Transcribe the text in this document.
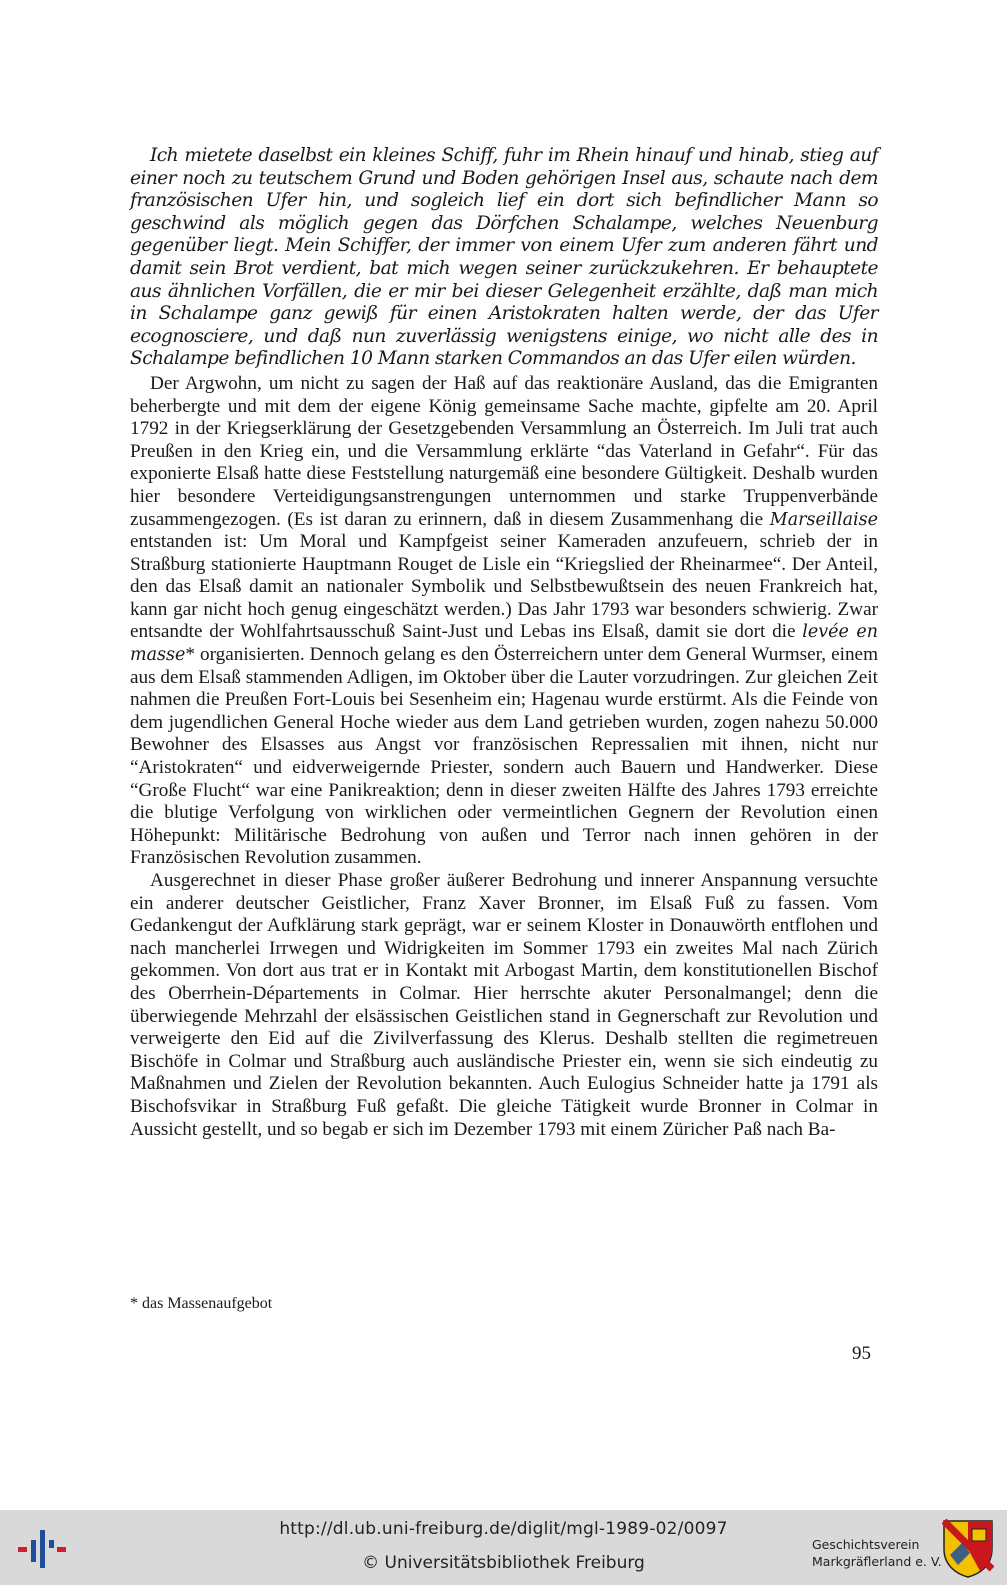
Ich mietete daselbst ein kleines Schiff, fuhr im Rhein hinauf und hinab, stieg auf einer noch zu teutschem Grund und Boden gehörigen Insel aus, schaute nach dem französischen Ufer hin, und sogleich lief ein dort sich befindlicher Mann so geschwind als möglich gegen das Dörfchen Schalampe, welches Neuenburg gegenüber liegt. Mein Schiffer, der immer von einem Ufer zum anderen fährt und damit sein Brot verdient, bat mich wegen seiner zurückzukehren. Er behauptete aus ähnlichen Vorfällen, die er mir bei dieser Gelegenheit erzählte, daß man mich in Schalampe ganz gewiß für einen Aristokraten halten werde, der das Ufer ecognosciere, und daß nun zuverlässig wenigstens einige, wo nicht alle des in Schalampe befindlichen 10 Mann starken Commandos an das Ufer eilen würden.

Der Argwohn, um nicht zu sagen der Haß auf das reaktionäre Ausland, das die Emigranten beherbergte und mit dem der eigene König gemeinsame Sache machte, gipfelte am 20. April 1792 in der Kriegserklärung der Gesetzgebenden Versammlung an Österreich. Im Juli trat auch Preußen in den Krieg ein, und die Versammlung erklärte “das Vaterland in Gefahr“. Für das exponierte Elsaß hatte diese Feststellung naturgemäß eine besondere Gültigkeit. Deshalb wurden hier besondere Verteidigungsanstrengungen unternommen und starke Truppenverbände zusammengezogen. (Es ist daran zu erinnern, daß in diesem Zusammenhang die Marseillaise entstanden ist: Um Moral und Kampfgeist seiner Kameraden anzufeuern, schrieb der in Straßburg stationierte Hauptmann Rouget de Lisle ein “Kriegslied der Rheinarmee“. Der Anteil, den das Elsaß damit an nationaler Symbolik und Selbstbewußtsein des neuen Frankreich hat, kann gar nicht hoch genug eingeschätzt werden.) Das Jahr 1793 war besonders schwierig. Zwar entsandte der Wohlfahrtsausschuß Saint-Just und Lebas ins Elsaß, damit sie dort die levée en masse* organisierten. Dennoch gelang es den Österreichern unter dem General Wurmser, einem aus dem Elsaß stammenden Adligen, im Oktober über die Lauter vorzudringen. Zur gleichen Zeit nahmen die Preußen Fort-Louis bei Sesenheim ein; Hagenau wurde erstürmt. Als die Feinde von dem jugendlichen General Hoche wieder aus dem Land getrieben wurden, zogen nahezu 50.000 Bewohner des Elsasses aus Angst vor französischen Repressalien mit ihnen, nicht nur “Aristokraten“ und eidverweigernde Priester, sondern auch Bauern und Handwerker. Diese “Große Flucht“ war eine Panikreaktion; denn in dieser zweiten Hälfte des Jahres 1793 erreichte die blutige Verfolgung von wirklichen oder vermeintlichen Gegnern der Revolution einen Höhepunkt: Militärische Bedrohung von außen und Terror nach innen gehören in der Französischen Revolution zusammen.

Ausgerechnet in dieser Phase großer äußerer Bedrohung und innerer Anspannung versuchte ein anderer deutscher Geistlicher, Franz Xaver Bronner, im Elsaß Fuß zu fassen. Vom Gedankengut der Aufklärung stark geprägt, war er seinem Kloster in Donauwörth entflohen und nach mancherlei Irrwegen und Widrigkeiten im Sommer 1793 ein zweites Mal nach Zürich gekommen. Von dort aus trat er in Kontakt mit Arbogast Martin, dem konstitutionellen Bischof des Oberrhein-Départements in Colmar. Hier herrschte akuter Personalmangel; denn die überwiegende Mehrzahl der elsässischen Geistlichen stand in Gegnerschaft zur Revolution und verweigerte den Eid auf die Zivilverfassung des Klerus. Deshalb stellten die regimetreuen Bischöfe in Colmar und Straßburg auch ausländische Priester ein, wenn sie sich eindeutig zu Maßnahmen und Zielen der Revolution bekannten. Auch Eulogius Schneider hatte ja 1791 als Bischofsvikar in Straßburg Fuß gefaßt. Die gleiche Tätigkeit wurde Bronner in Colmar in Aussicht gestellt, und so begab er sich im Dezember 1793 mit einem Züricher Paß nach Ba-

* das Massenaufgebot
95
http://dl.ub.uni-freiburg.de/diglit/mgl-1989-02/0097
© Universitätsbibliothek Freiburg
Geschichtsverein
Markgräflerland e. V.
